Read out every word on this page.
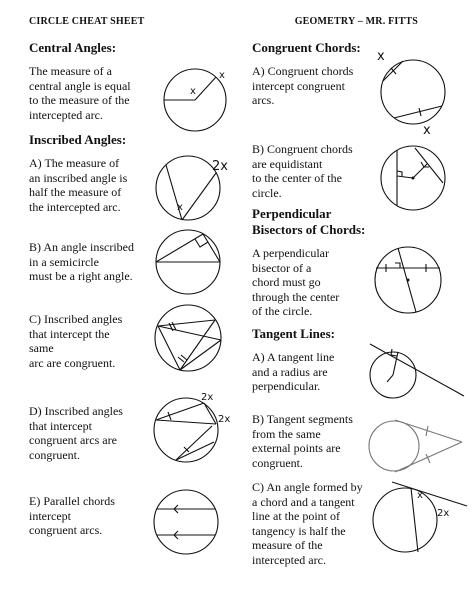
CIRCLE CHEAT SHEET	GEOMETRY – MR. FITTS
Central Angles:
The measure of a
central angle is equal
to the measure of the
intercepted arc.
x
x
Inscribed Angles:
A) The measure of
an inscribed angle is
half the measure of
the intercepted arc.
2x
x
B) An angle inscribed
in a semicircle
must be a right angle.
C) Inscribed angles
that intercept the
same
arc are congruent.
D) Inscribed angles
that intercept
congruent arcs are
congruent.
2x
2x
E) Parallel chords
intercept
congruent arcs.
Congruent Chords:
A) Congruent chords
intercept congruent
arcs.
x
x
B) Congruent chords
are equidistant
to the center of the
circle.
Perpendicular
Bisectors of Chords:
A perpendicular
bisector of a
chord must go
through the center
of the circle.
Tangent Lines:
A) A tangent line
and a radius are
perpendicular.
B) Tangent segments
from the same
external points are
congruent.
C) An angle formed by
a chord and a tangent
line at the point of
tangency is half the
measure of the
intercepted arc.
x
2x
